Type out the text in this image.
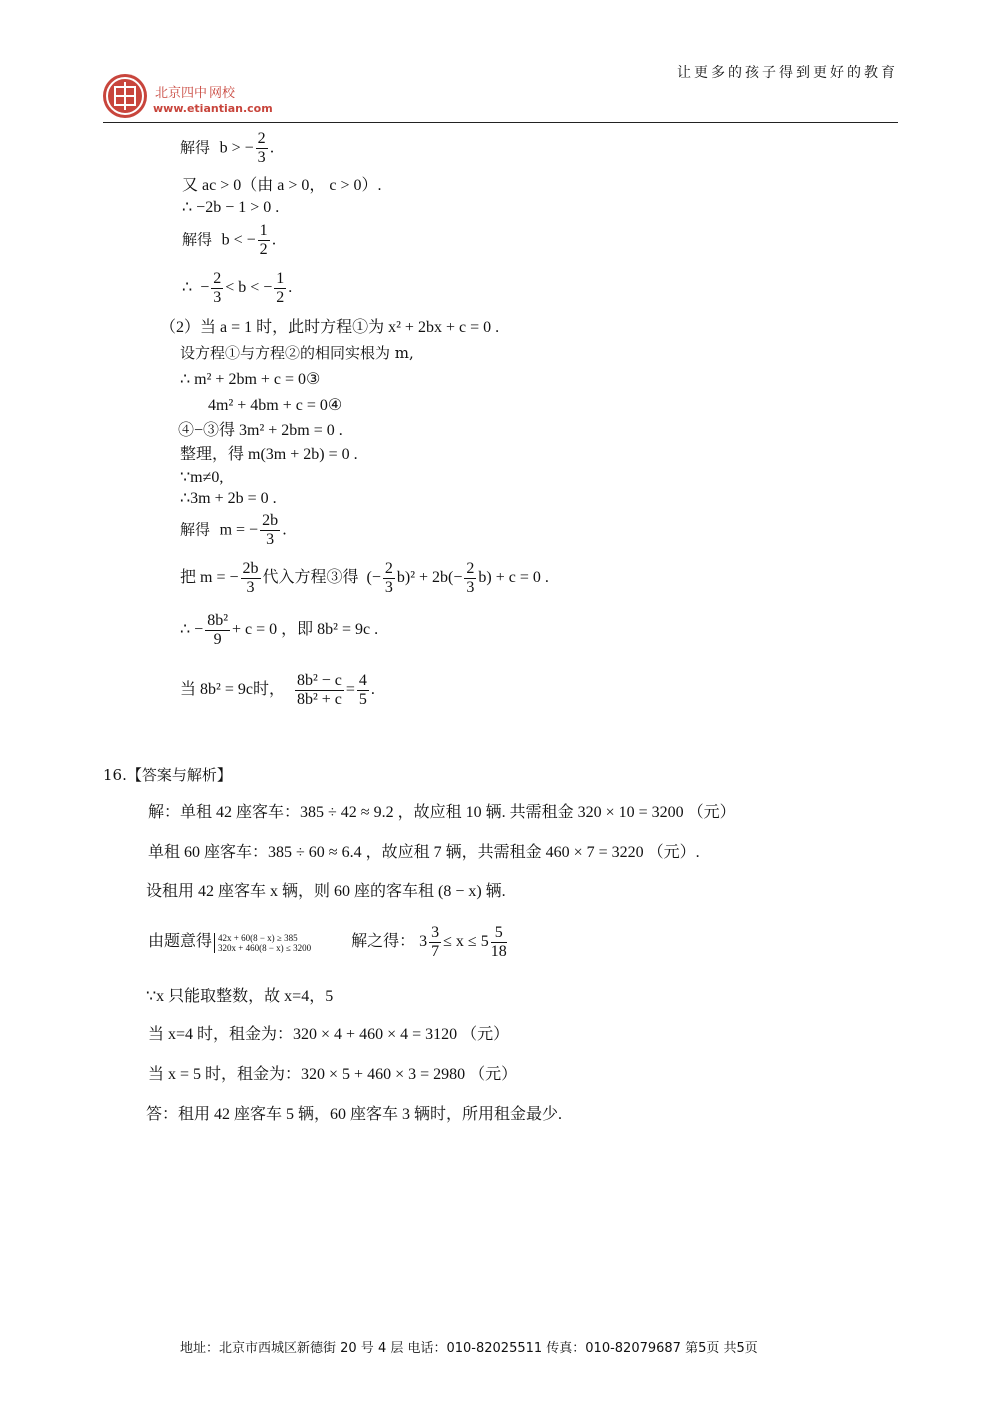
北京四中 网校
www.etiantian.com
让更多的孩子得到更好的教育
解得 b > − $\frac{2}{3}$ .
又 ac > 0（由 a > 0， c > 0）.
∴ −2b − 1 > 0 .
解得 b < − $\frac{1}{2}$ .
∴ − $\frac{2}{3} < b$ < − $\frac{1}{2}$ .
（2）当 a = 1 时，此时方程①为 x² + 2bx + c = 0 .
设方程①与方程②的相同实根为 m,
∴ m² + 2bm + c = 0③
4m² + 4bm + c = 0④
④−③得 3m² + 2bm = 0 .
整理，得 m(3m + 2b) = 0 .
∵m≠0,
∴3m + 2b = 0 .
解得 m = − $\frac{2b}{3}$ .
把 m = − $\frac{2b}{3}$ 代入方程③得 (− $\frac{2}{3} b)^2 + 2b(- \frac{2}{3} b) + c = 0$ .
∴ − $\frac{\text{8b²}}{9} + c = 0$ ，即 8b² = 9c .
当 8b² = 9c时， $\frac{\text{8b² − c}}{\text{8b² + c}} = \frac{4}{5}$ .
16.【答案与解析】
解：单租 42 座客车：385 ÷ 42 ≈ 9.2 ，故应租 10 辆. 共需租金 320 × 10 = 3200 （元）
单租 60 座客车：385 ÷ 60 ≈ 6.4 ，故应租 7 辆，共需租金 460 × 7 = 3220 （元）.
设租用 42 座客车 x 辆，则 60 座的客车租 (8 − x) 辆.
由题意得 42x + 60(8 − x) ≥ 385
320x + 460(8 − x) ≤ 3200	解之得： $3 \frac{3}{7} \le x \le 5 \frac{5}{18}$
∵x 只能取整数，故 x=4，5
当 x=4 时，租金为：320 × 4 + 460 × 4 = 3120 （元）
当 x = 5 时，租金为：320 × 5 + 460 × 3 = 2980 （元）
答：租用 42 座客车 5 辆，60 座客车 3 辆时，所用租金最少.
地址：北京市西城区新德街 20 号 4 层 电话：010-82025511 传真：010-82079687 第5页 共5页
